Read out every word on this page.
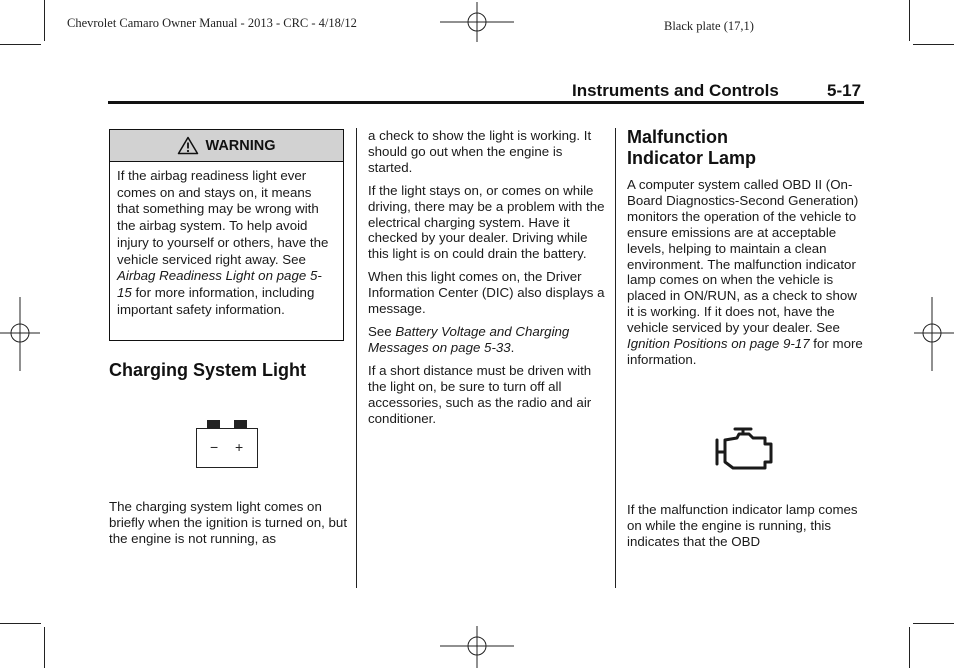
Chevrolet Camaro Owner Manual - 2013 - CRC - 4/18/12	Black plate (17,1)
Instruments and Controls	5-17
WARNING
If the airbag readiness light ever comes on and stays on, it means that something may be wrong with the airbag system. To help avoid injury to yourself or others, have the vehicle serviced right away. See Airbag Readiness Light on page 5-15 for more information, including important safety information.
Charging System Light
− +

The charging system light comes on briefly when the ignition is turned on, but the engine is not running, as

a check to show the light is working. It should go out when the engine is started.

If the light stays on, or comes on while driving, there may be a problem with the electrical charging system. Have it checked by your dealer. Driving while this light is on could drain the battery.

When this light comes on, the Driver Information Center (DIC) also displays a message.

See Battery Voltage and Charging Messages on page 5-33.

If a short distance must be driven with the light on, be sure to turn off all accessories, such as the radio and air conditioner.

Malfunction
Indicator Lamp

A computer system called OBD II (On-Board Diagnostics-Second Generation) monitors the operation of the vehicle to ensure emissions are at acceptable levels, helping to maintain a clean environment. The malfunction indicator lamp comes on when the vehicle is placed in ON/RUN, as a check to show it is working. If it does not, have the vehicle serviced by your dealer. See Ignition Positions on page 9-17 for more information.

If the malfunction indicator lamp comes on while the engine is running, this indicates that the OBD
